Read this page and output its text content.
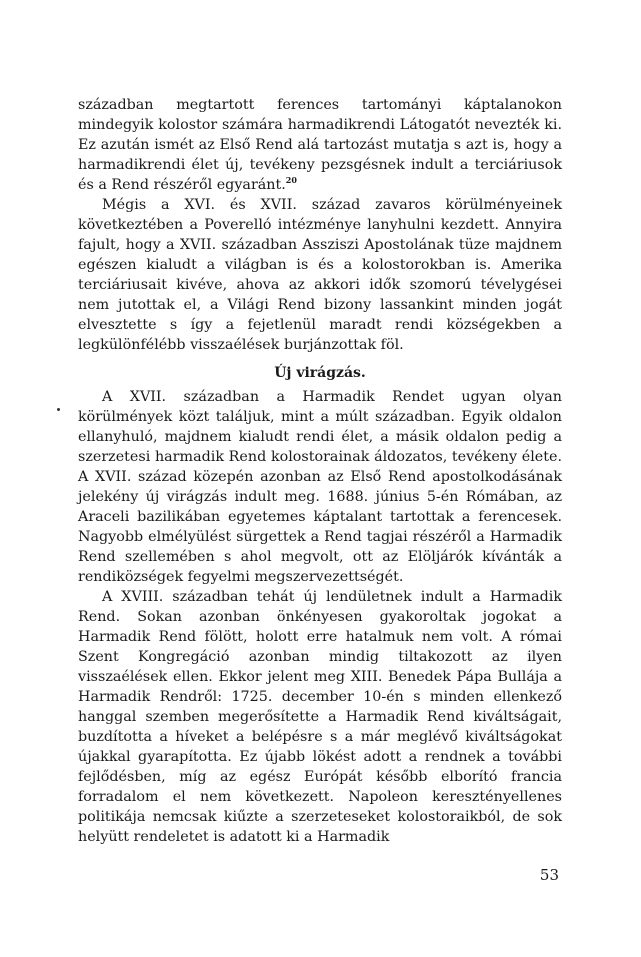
században megtartott ferences tartományi káptalanokon mindegyik kolostor számára harmadikrendi Látogatót nevezték ki. Ez azután ismét az Első Rend alá tartozást mutatja s azt is, hogy a harmadikrendi élet új, tevékeny pezsgésnek indult a terciáriusok és a Rend részéről egyaránt.$^{20}$

Mégis a XVI. és XVII. század zavaros körülményeinek következtében a Poverelló intézménye lanyhulni kezdett. Annyira fajult, hogy a XVII. században Assziszi Apostolának tüze majdnem egészen kialudt a világban is és a kolostorokban is. Amerika terciáriusait kivéve, ahova az akkori idők szomorú tévelygései nem jutottak el, a Világi Rend bizony lassankint minden jogát elvesztette s így a fejetlenül maradt rendi községekben a legkülönfélébb visszaélések burjánzottak föl.

Új virágzás.

A XVII. században a Harmadik Rendet ugyan olyan körülmények közt találjuk, mint a múlt században. Egyik oldalon ellanyhuló, majdnem kialudt rendi élet, a másik oldalon pedig a szerzetesi harmadik Rend kolostorainak áldozatos, tevékeny élete. A XVII. század közepén azonban az Első Rend apostolkodásának jelekény új virágzás indult meg. 1688. június 5-én Rómában, az Araceli bazilikában egyetemes káptalant tartottak a ferencesek. Nagyobb elmélyülést sürgettek a Rend tagjai részéről a Harmadik Rend szellemében s ahol megvolt, ott az Elöljárók kívánták a rendiközségek fegyelmi megszervezettségét.

A XVIII. században tehát új lendületnek indult a Harmadik Rend. Sokan azonban önkényesen gyakoroltak jogokat a Harmadik Rend fölött, holott erre hatalmuk nem volt. A római Szent Kongregáció azonban mindig tiltakozott az ilyen visszaélések ellen. Ekkor jelent meg XIII. Benedek Pápa Bullája a Harmadik Rendről: 1725. december 10-én s minden ellenkező hanggal szemben megerősítette a Harmadik Rend kiváltságait, buzdította a híveket a belépésre s a már meglévő kiváltságokat újakkal gyarapította. Ez újabb lökést adott a rendnek a további fejlődésben, míg az egész Európát később elborító francia forradalom el nem következett. Napoleon keresztényellenes politikája nemcsak kiűzte a szerzeteseket kolostoraikból, de sok helyütt rendeletet is adatott ki a Harmadik

53
